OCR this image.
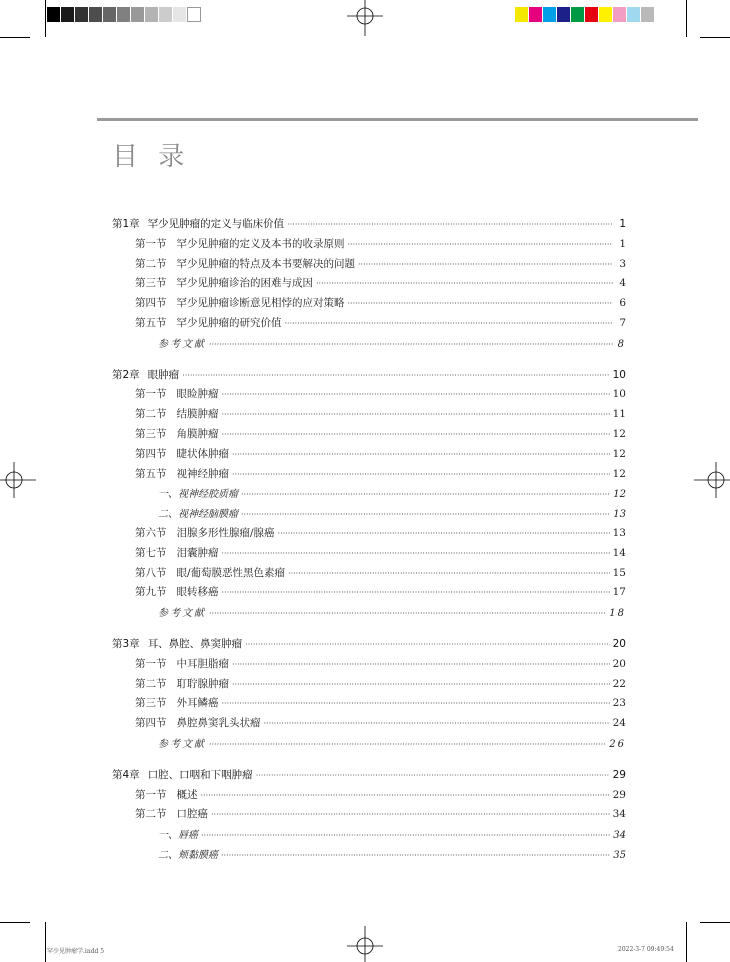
目 录
第1章 罕少见肿瘤的定义与临床价值 ·····	1
第一节 罕少见肿瘤的定义及本书的收录原则 ·····	1
第二节 罕少见肿瘤的特点及本书要解决的问题 ·····	3
第三节 罕少见肿瘤诊治的困难与成因 ·····	4
第四节 罕少见肿瘤诊断意见相悖的应对策略 ·····	6
第五节 罕少见肿瘤的研究价值 ·····	7
参考文献 ·····	8
第2章 眼肿瘤 ·····	10
第一节 眼睑肿瘤 ·····	10
第二节 结膜肿瘤 ·····	11
第三节 角膜肿瘤 ·····	12
第四节 睫状体肿瘤 ·····	12
第五节 视神经肿瘤 ·····	12
一、视神经胶质瘤 ·····	12
二、视神经脑膜瘤 ·····	13
第六节 泪腺多形性腺瘤/腺癌 ·····	13
第七节 泪囊肿瘤 ·····	14
第八节 眼/葡萄膜恶性黑色素瘤 ·····	15
第九节 眼转移癌 ·····	17
参考文献 ·····	18
第3章 耳、鼻腔、鼻窦肿瘤 ·····	20
第一节 中耳胆脂瘤 ·····	20
第二节 耵聍腺肿瘤 ·····	22
第三节 外耳鳞癌 ·····	23
第四节 鼻腔鼻窦乳头状瘤 ·····	24
参考文献 ·····	26
第4章 口腔、口咽和下咽肿瘤 ·····	29
第一节 概述 ·····	29
第二节 口腔癌 ·····	34
一、唇癌 ·····	34
二、颊黏膜癌 ·····	35
罕少见肿瘤学.indd 5	2022-3-7 09:49:54
